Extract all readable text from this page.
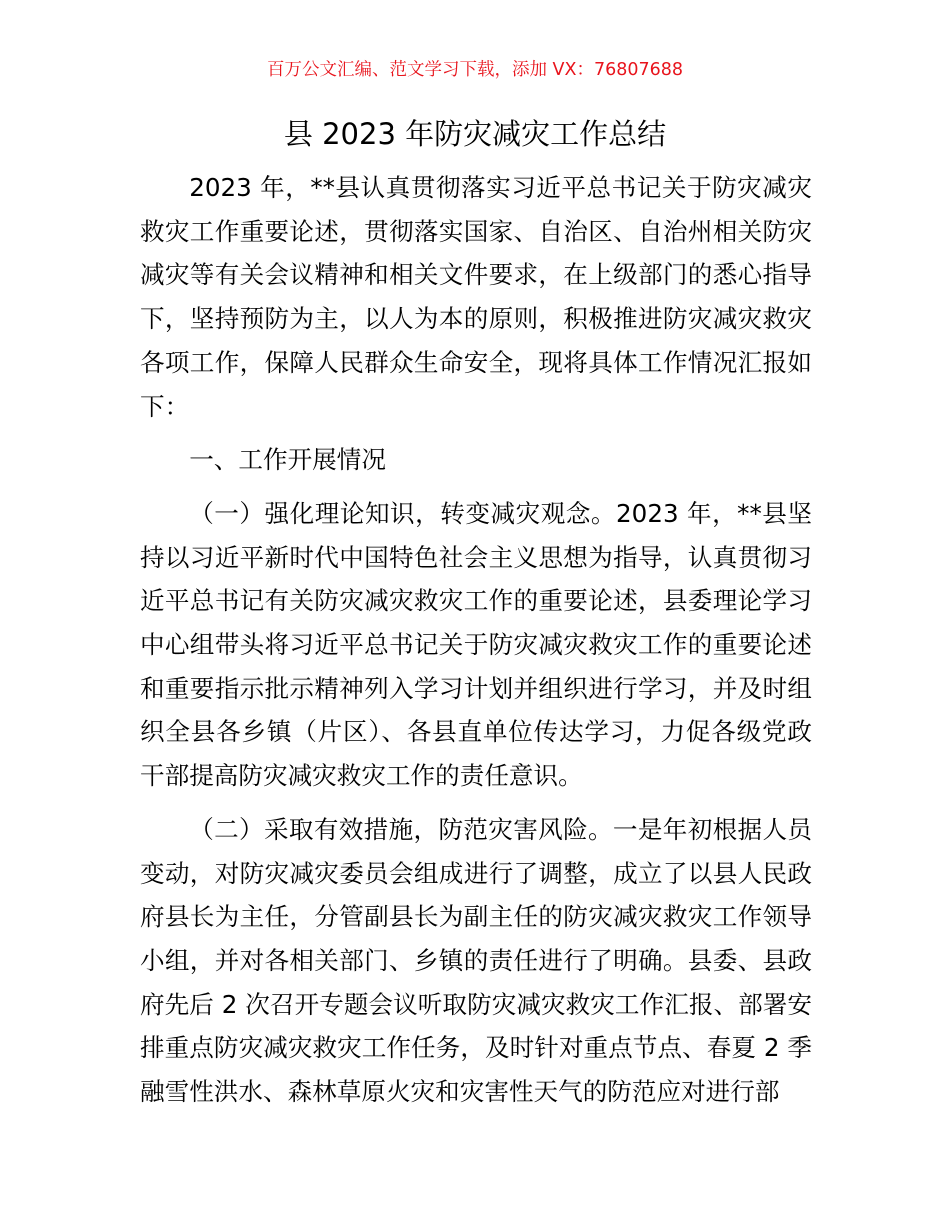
百万公文汇编、范文学习下载，添加 VX：76807688
县 2023 年防灾减灾工作总结

2023 年，**县认真贯彻落实习近平总书记关于防灾减灾救灾工作重要论述，贯彻落实国家、自治区、自治州相关防灾减灾等有关会议精神和相关文件要求，在上级部门的悉心指导下，坚持预防为主，以人为本的原则，积极推进防灾减灾救灾各项工作，保障人民群众生命安全，现将具体工作情况汇报如下：

一、工作开展情况

（一）强化理论知识，转变减灾观念。2023 年，**县坚持以习近平新时代中国特色社会主义思想为指导，认真贯彻习近平总书记有关防灾减灾救灾工作的重要论述，县委理论学习中心组带头将习近平总书记关于防灾减灾救灾工作的重要论述和重要指示批示精神列入学习计划并组织进行学习，并及时组织全县各乡镇（片区）、各县直单位传达学习，力促各级党政干部提高防灾减灾救灾工作的责任意识。

（二）采取有效措施，防范灾害风险。一是年初根据人员变动，对防灾减灾委员会组成进行了调整，成立了以县人民政府县长为主任，分管副县长为副主任的防灾减灾救灾工作领导小组，并对各相关部门、乡镇的责任进行了明确。县委、县政府先后 2 次召开专题会议听取防灾减灾救灾工作汇报、部署安排重点防灾减灾救灾工作任务，及时针对重点节点、春夏 2 季融雪性洪水、森林草原火灾和灾害性天气的防范应对进行部
